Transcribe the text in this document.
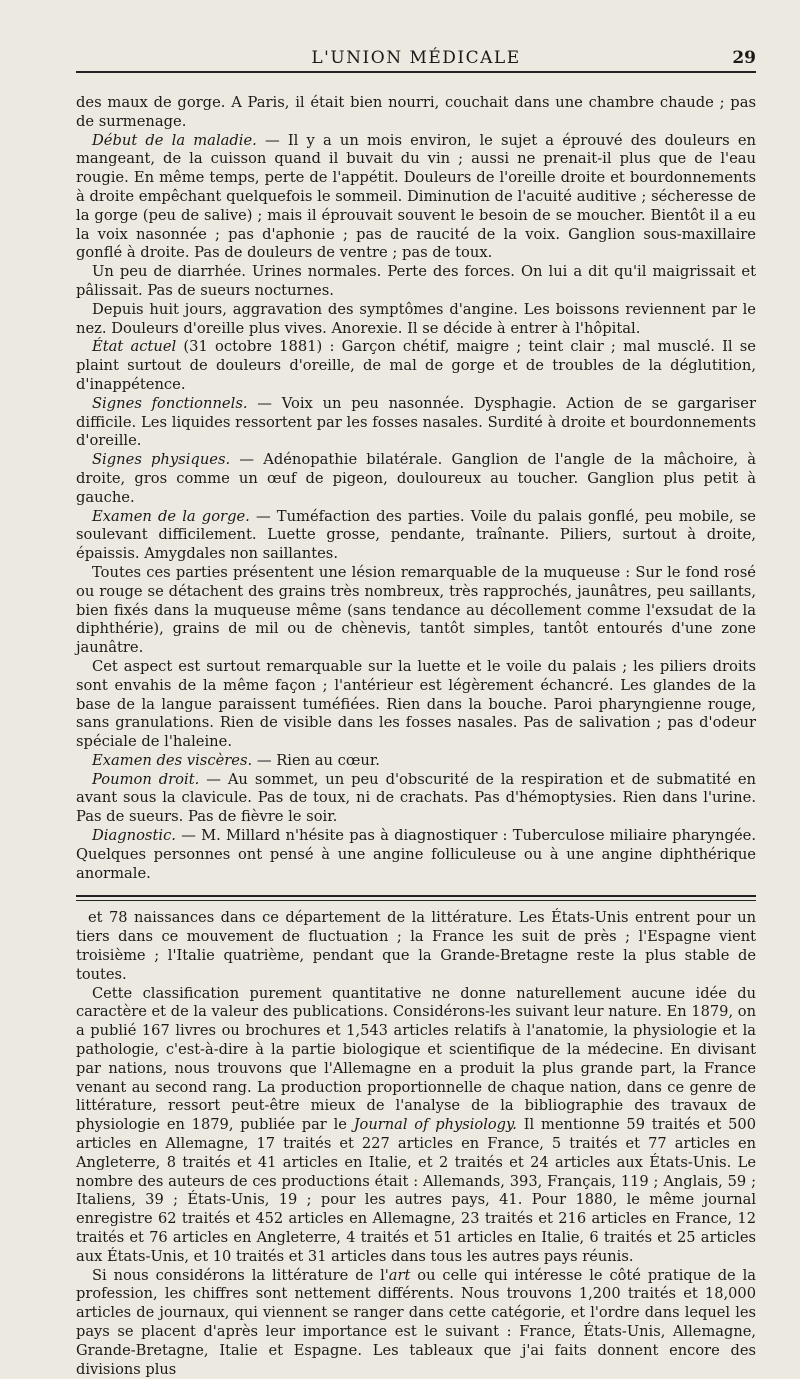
L'UNION MÉDICALE	29

des maux de gorge. A Paris, il était bien nourri, couchait dans une chambre chaude ; pas de surmenage.

Début de la maladie. — Il y a un mois environ, le sujet a éprouvé des douleurs en mangeant, de la cuisson quand il buvait du vin ; aussi ne prenait-il plus que de l'eau rougie. En même temps, perte de l'appétit. Douleurs de l'oreille droite et bourdonnements à droite empêchant quelquefois le sommeil. Diminution de l'acuité auditive ; sécheresse de la gorge (peu de salive) ; mais il éprouvait souvent le besoin de se moucher. Bientôt il a eu la voix nasonnée ; pas d'aphonie ; pas de raucité de la voix. Ganglion sous-maxillaire gonflé à droite. Pas de douleurs de ventre ; pas de toux.

Un peu de diarrhée. Urines normales. Perte des forces. On lui a dit qu'il maigrissait et pâlissait. Pas de sueurs nocturnes.

Depuis huit jours, aggravation des symptômes d'angine. Les boissons reviennent par le nez. Douleurs d'oreille plus vives. Anorexie. Il se décide à entrer à l'hôpital.

État actuel (31 octobre 1881) : Garçon chétif, maigre ; teint clair ; mal musclé. Il se plaint surtout de douleurs d'oreille, de mal de gorge et de troubles de la déglutition, d'inappétence.

Signes fonctionnels. — Voix un peu nasonnée. Dysphagie. Action de se gargariser difficile. Les liquides ressortent par les fosses nasales. Surdité à droite et bourdonnements d'oreille.

Signes physiques. — Adénopathie bilatérale. Ganglion de l'angle de la mâchoire, à droite, gros comme un œuf de pigeon, douloureux au toucher. Ganglion plus petit à gauche.

Examen de la gorge. — Tuméfaction des parties. Voile du palais gonflé, peu mobile, se soulevant difficilement. Luette grosse, pendante, traînante. Piliers, surtout à droite, épaissis. Amygdales non saillantes.

Toutes ces parties présentent une lésion remarquable de la muqueuse : Sur le fond rosé ou rouge se détachent des grains très nombreux, très rapprochés, jaunâtres, peu saillants, bien fixés dans la muqueuse même (sans tendance au décollement comme l'exsudat de la diphthérie), grains de mil ou de chènevis, tantôt simples, tantôt entourés d'une zone jaunâtre.

Cet aspect est surtout remarquable sur la luette et le voile du palais ; les piliers droits sont envahis de la même façon ; l'antérieur est légèrement échancré. Les glandes de la base de la langue paraissent tuméfiées. Rien dans la bouche. Paroi pharyngienne rouge, sans granulations. Rien de visible dans les fosses nasales. Pas de salivation ; pas d'odeur spéciale de l'haleine.

Examen des viscères. — Rien au cœur.

Poumon droit. — Au sommet, un peu d'obscurité de la respiration et de submatité en avant sous la clavicule. Pas de toux, ni de crachats. Pas d'hémoptysies. Rien dans l'urine. Pas de sueurs. Pas de fièvre le soir.

Diagnostic. — M. Millard n'hésite pas à diagnostiquer : Tuberculose miliaire pharyngée. Quelques personnes ont pensé à une angine folliculeuse ou à une angine diphthérique anormale.

et 78 naissances dans ce département de la littérature. Les États-Unis entrent pour un tiers dans ce mouvement de fluctuation ; la France les suit de près ; l'Espagne vient troisième ; l'Italie quatrième, pendant que la Grande-Bretagne reste la plus stable de toutes.

Cette classification purement quantitative ne donne naturellement aucune idée du caractère et de la valeur des publications. Considérons-les suivant leur nature. En 1879, on a publié 167 livres ou brochures et 1,543 articles relatifs à l'anatomie, la physiologie et la pathologie, c'est-à-dire à la partie biologique et scientifique de la médecine. En divisant par nations, nous trouvons que l'Allemagne en a produit la plus grande part, la France venant au second rang. La production proportionnelle de chaque nation, dans ce genre de littérature, ressort peut-être mieux de l'analyse de la bibliographie des travaux de physiologie en 1879, publiée par le Journal of physiology. Il mentionne 59 traités et 500 articles en Allemagne, 17 traités et 227 articles en France, 5 traités et 77 articles en Angleterre, 8 traités et 41 articles en Italie, et 2 traités et 24 articles aux États-Unis. Le nombre des auteurs de ces productions était : Allemands, 393, Français, 119 ; Anglais, 59 ; Italiens, 39 ; États-Unis, 19 ; pour les autres pays, 41. Pour 1880, le même journal enregistre 62 traités et 452 articles en Allemagne, 23 traités et 216 articles en France, 12 traités et 76 articles en Angleterre, 4 traités et 51 articles en Italie, 6 traités et 25 articles aux États-Unis, et 10 traités et 31 articles dans tous les autres pays réunis.

Si nous considérons la littérature de l'art ou celle qui intéresse le côté pratique de la profession, les chiffres sont nettement différents. Nous trouvons 1,200 traités et 18,000 articles de journaux, qui viennent se ranger dans cette catégorie, et l'ordre dans lequel les pays se placent d'après leur importance est le suivant : France, États-Unis, Allemagne, Grande-Bretagne, Italie et Espagne. Les tableaux que j'ai faits donnent encore des divisions plus
